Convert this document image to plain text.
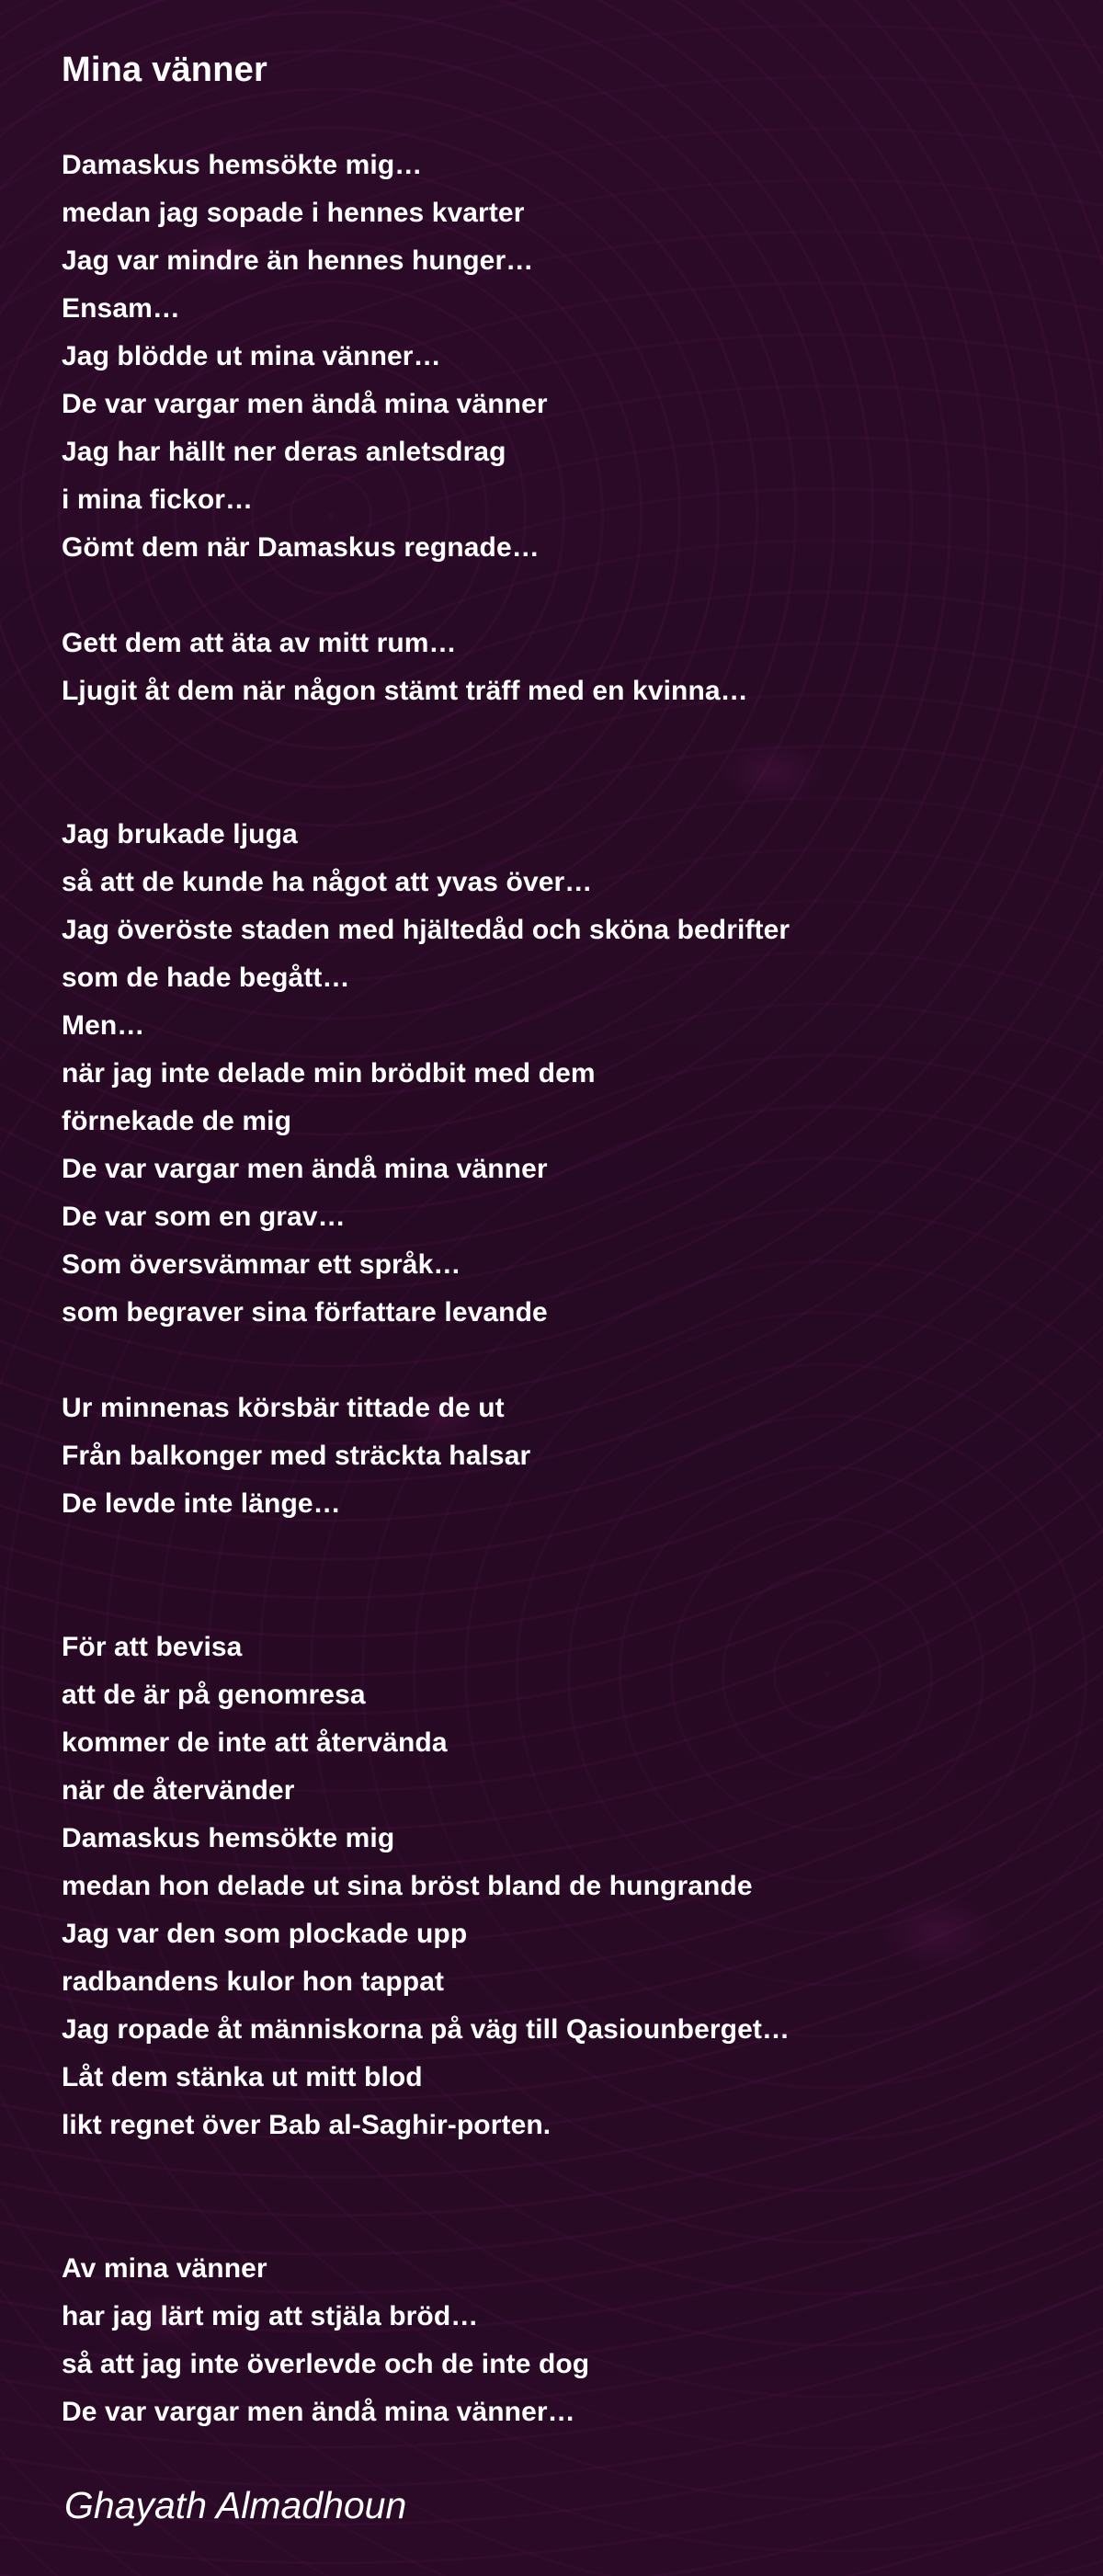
Mina vänner
Damaskus hemsökte mig…
medan jag sopade i hennes kvarter
Jag var mindre än hennes hunger…
Ensam…
Jag blödde ut mina vänner…
De var vargar men ändå mina vänner
Jag har hällt ner deras anletsdrag
i mina fickor…
Gömt dem när Damaskus regnade…
Gett dem att äta av mitt rum…
Ljugit åt dem när någon stämt träff med en kvinna…
Jag brukade ljuga
så att de kunde ha något att yvas över…
Jag överöste staden med hjältedåd och sköna bedrifter
som de hade begått…
Men…
när jag inte delade min brödbit med dem
förnekade de mig
De var vargar men ändå mina vänner
De var som en grav…
Som översvämmar ett språk…
som begraver sina författare levande
Ur minnenas körsbär tittade de ut
Från balkonger med sträckta halsar
De levde inte länge…
För att bevisa
att de är på genomresa
kommer de inte att återvända
när de återvänder
Damaskus hemsökte mig
medan hon delade ut sina bröst bland de hungrande
Jag var den som plockade upp
radbandens kulor hon tappat
Jag ropade åt människorna på väg till Qasiounberget…
Låt dem stänka ut mitt blod
likt regnet över Bab al-Saghir-porten.
Av mina vänner
har jag lärt mig att stjäla bröd…
så att jag inte överlevde och de inte dog
De var vargar men ändå mina vänner…
Ghayath Almadhoun
